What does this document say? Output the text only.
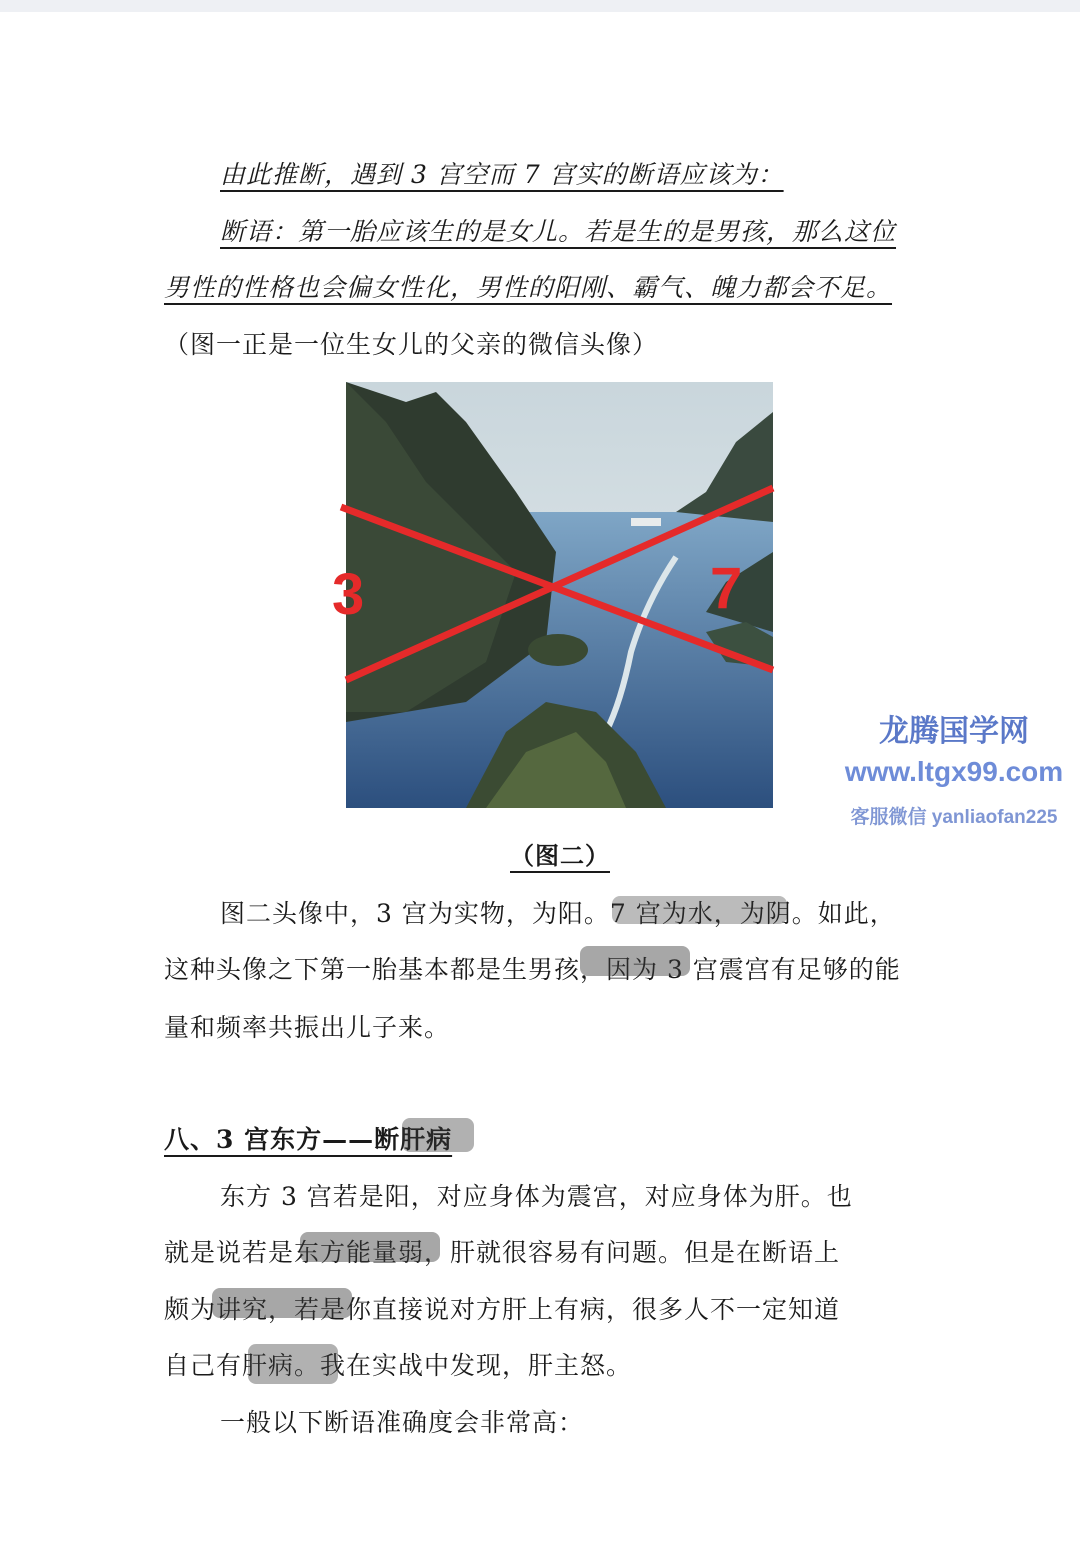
由此推断，遇到 3 宫空而 7 宫实的断语应该为：
断语：第一胎应该生的是女儿。若是生的是男孩，那么这位
男性的性格也会偏女性化，男性的阳刚、霸气、魄力都会不足。
（图一正是一位生女儿的父亲的微信头像）
3	7
（图二）
龙腾国学网
www.ltgx99.com
客服微信 yanliaofan225
图二头像中，3 宫为实物，为阳。7 宫为水，为阴。如此，
这种头像之下第一胎基本都是生男孩，因为 3 宫震宫有足够的能
量和频率共振出儿子来。
八、3 宫东方——断肝病
东方 3 宫若是阳，对应身体为震宫，对应身体为肝。也
就是说若是东方能量弱，肝就很容易有问题。但是在断语上
颇为讲究，若是你直接说对方肝上有病，很多人不一定知道
自己有肝病。我在实战中发现，肝主怒。
一般以下断语准确度会非常高：
